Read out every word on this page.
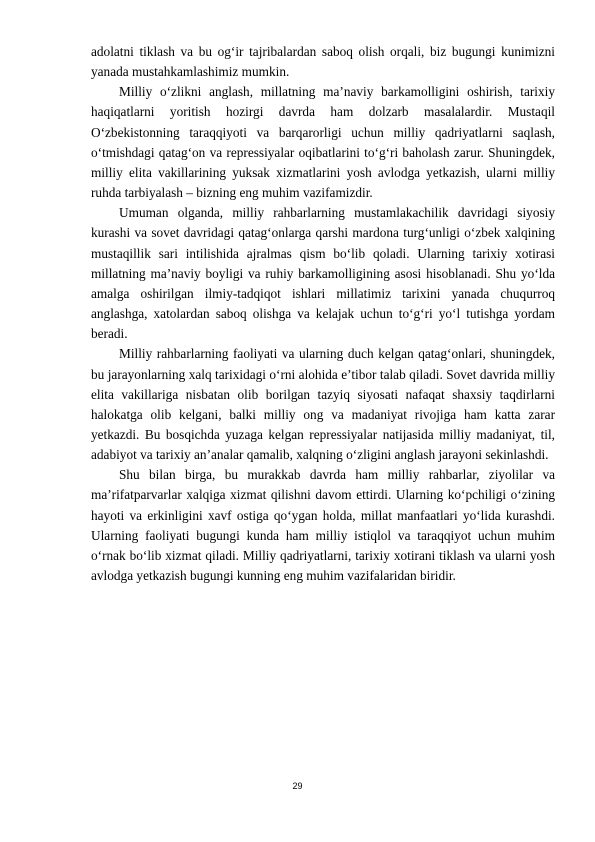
adolatni tiklash va bu og‘ir tajribalardan saboq olish orqali, biz bugungi kunimizni yanada mustahkamlashimiz mumkin.

Milliy o‘zlikni anglash, millatning ma’naviy barkamolligini oshirish, tarixiy haqiqatlarni yoritish hozirgi davrda ham dolzarb masalalardir. Mustaqil O‘zbekistonning taraqqiyoti va barqarorligi uchun milliy qadriyatlarni saqlash, o‘tmishdagi qatag‘on va repressiyalar oqibatlarini to‘g‘ri baholash zarur. Shuningdek, milliy elita vakillarining yuksak xizmatlarini yosh avlodga yetkazish, ularni milliy ruhda tarbiyalash – bizning eng muhim vazifamizdir.

Umuman olganda, milliy rahbarlarning mustamlakachilik davridagi siyosiy kurashi va sovet davridagi qatag‘onlarga qarshi mardona turg‘unligi o‘zbek xalqining mustaqillik sari intilishida ajralmas qism bo‘lib qoladi. Ularning tarixiy xotirasi millatning ma’naviy boyligi va ruhiy barkamolligining asosi hisoblanadi. Shu yo‘lda amalga oshirilgan ilmiy-tadqiqot ishlari millatimiz tarixini yanada chuqurroq anglashga, xatolardan saboq olishga va kelajak uchun to‘g‘ri yo‘l tutishga yordam beradi.

Milliy rahbarlarning faoliyati va ularning duch kelgan qatag‘onlari, shuningdek, bu jarayonlarning xalq tarixidagi o‘rni alohida e’tibor talab qiladi. Sovet davrida milliy elita vakillariga nisbatan olib borilgan tazyiq siyosati nafaqat shaxsiy taqdirlarni halokatga olib kelgani, balki milliy ong va madaniyat rivojiga ham katta zarar yetkazdi. Bu bosqichda yuzaga kelgan repressiyalar natijasida milliy madaniyat, til, adabiyot va tarixiy an’analar qamalib, xalqning o‘zligini anglash jarayoni sekinlashdi.

Shu bilan birga, bu murakkab davrda ham milliy rahbarlar, ziyolilar va ma’rifatparvarlar xalqiga xizmat qilishni davom ettirdi. Ularning ko‘pchiligi o‘zining hayoti va erkinligini xavf ostiga qo‘ygan holda, millat manfaatlari yo‘lida kurashdi. Ularning faoliyati bugungi kunda ham milliy istiqlol va taraqqiyot uchun muhim o‘rnak bo‘lib xizmat qiladi. Milliy qadriyatlarni, tarixiy xotirani tiklash va ularni yosh avlodga yetkazish bugungi kunning eng muhim vazifalaridan biridir.

29
